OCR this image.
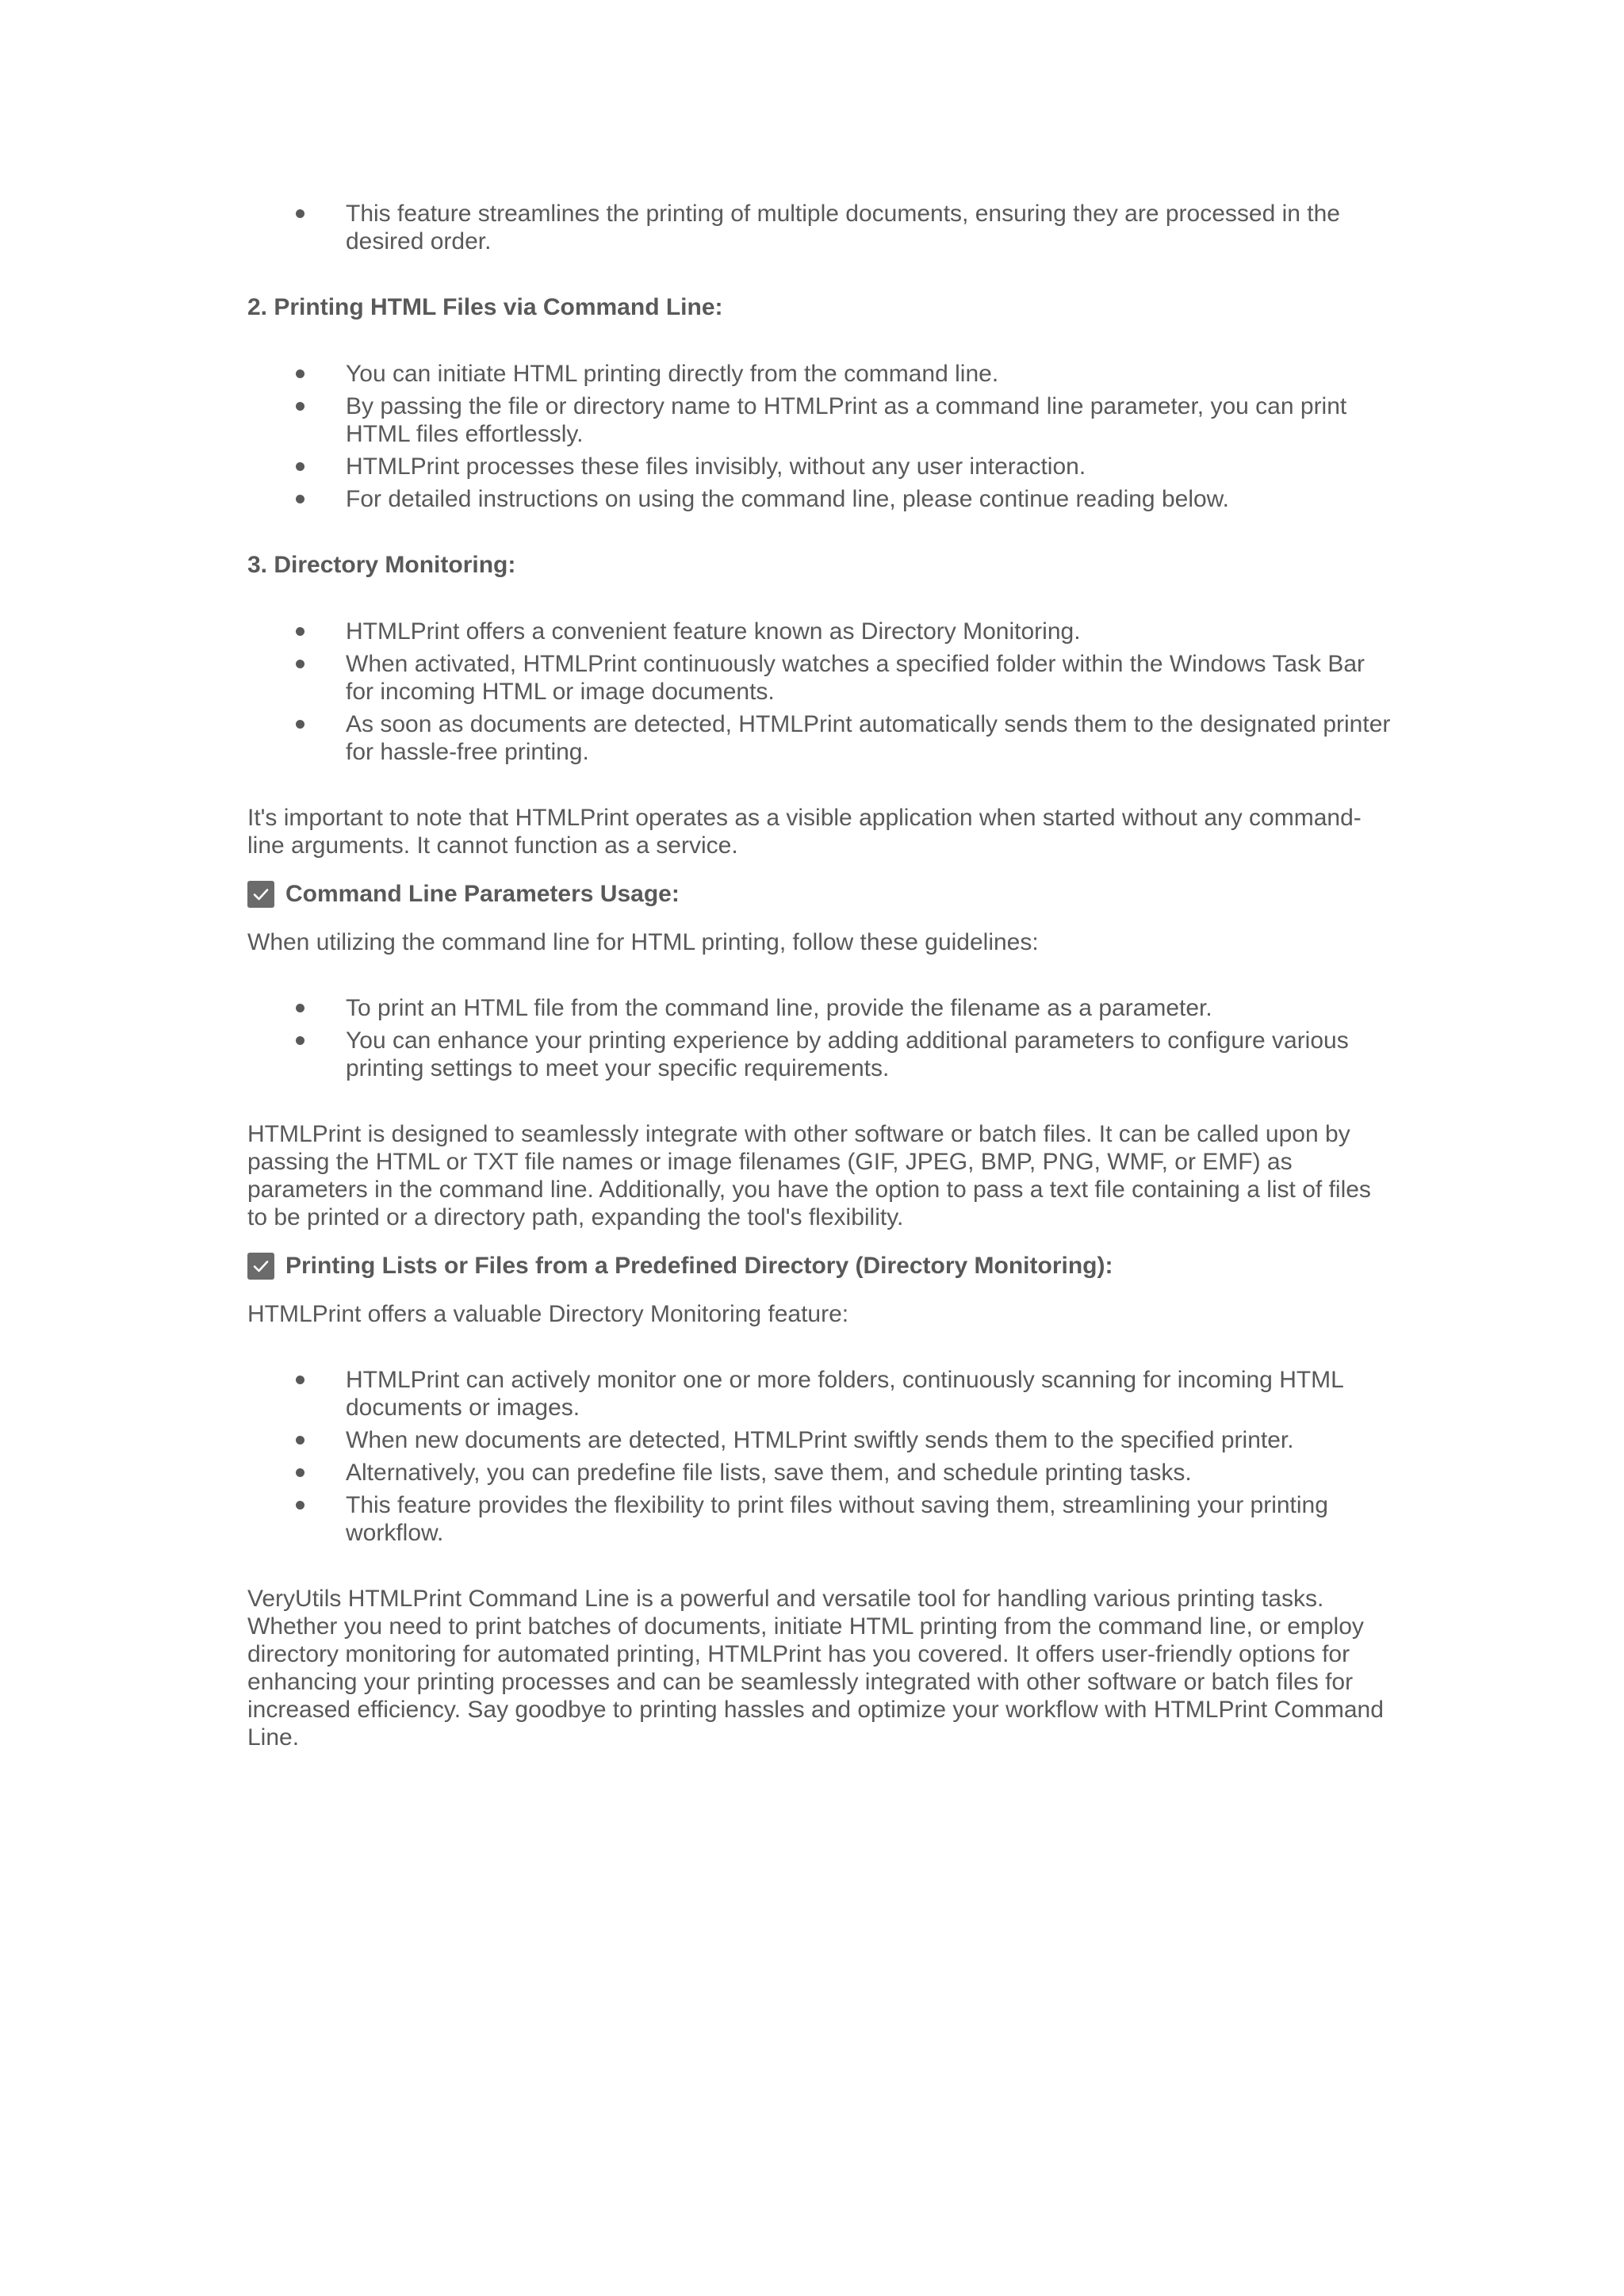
This feature streamlines the printing of multiple documents, ensuring they are processed in the desired order.
2. Printing HTML Files via Command Line:
You can initiate HTML printing directly from the command line.
By passing the file or directory name to HTMLPrint as a command line parameter, you can print HTML files effortlessly.
HTMLPrint processes these files invisibly, without any user interaction.
For detailed instructions on using the command line, please continue reading below.
3. Directory Monitoring:
HTMLPrint offers a convenient feature known as Directory Monitoring.
When activated, HTMLPrint continuously watches a specified folder within the Windows Task Bar for incoming HTML or image documents.
As soon as documents are detected, HTMLPrint automatically sends them to the designated printer for hassle-free printing.

It's important to note that HTMLPrint operates as a visible application when started without any command-line arguments. It cannot function as a service.

Command Line Parameters Usage:

When utilizing the command line for HTML printing, follow these guidelines:

To print an HTML file from the command line, provide the filename as a parameter.
You can enhance your printing experience by adding additional parameters to configure various printing settings to meet your specific requirements.

HTMLPrint is designed to seamlessly integrate with other software or batch files. It can be called upon by passing the HTML or TXT file names or image filenames (GIF, JPEG, BMP, PNG, WMF, or EMF) as parameters in the command line. Additionally, you have the option to pass a text file containing a list of files to be printed or a directory path, expanding the tool's flexibility.

Printing Lists or Files from a Predefined Directory (Directory Monitoring):

HTMLPrint offers a valuable Directory Monitoring feature:

HTMLPrint can actively monitor one or more folders, continuously scanning for incoming HTML documents or images.
When new documents are detected, HTMLPrint swiftly sends them to the specified printer.
Alternatively, you can predefine file lists, save them, and schedule printing tasks.
This feature provides the flexibility to print files without saving them, streamlining your printing workflow.

VeryUtils HTMLPrint Command Line is a powerful and versatile tool for handling various printing tasks. Whether you need to print batches of documents, initiate HTML printing from the command line, or employ directory monitoring for automated printing, HTMLPrint has you covered. It offers user-friendly options for enhancing your printing processes and can be seamlessly integrated with other software or batch files for increased efficiency. Say goodbye to printing hassles and optimize your workflow with HTMLPrint Command Line.
